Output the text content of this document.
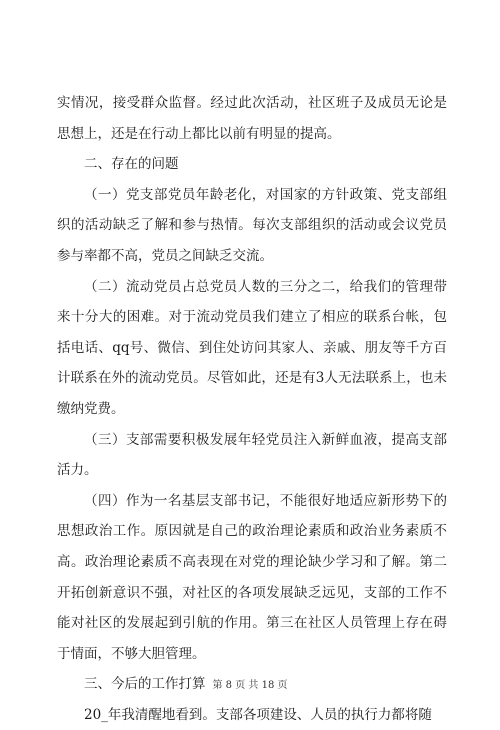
实情况，接受群众监督。经过此次活动，社区班子及成员无论是思想上，还是在行动上都比以前有明显的提高。

二、存在的问题

（一）党支部党员年龄老化，对国家的方针政策、党支部组织的活动缺乏了解和参与热情。每次支部组织的活动或会议党员参与率都不高，党员之间缺乏交流。

（二）流动党员占总党员人数的三分之二，给我们的管理带来十分大的困难。对于流动党员我们建立了相应的联系台帐，包括电话、qq号、微信、到住处访问其家人、亲戚、朋友等千方百计联系在外的流动党员。尽管如此，还是有3人无法联系上，也未缴纳党费。

（三）支部需要积极发展年轻党员注入新鲜血液，提高支部活力。

（四）作为一名基层支部书记，不能很好地适应新形势下的思想政治工作。原因就是自己的政治理论素质和政治业务素质不高。政治理论素质不高表现在对党的理论缺少学习和了解。第二开拓创新意识不强，对社区的各项发展缺乏远见，支部的工作不能对社区的发展起到引航的作用。第三在社区人员管理上存在碍于情面，不够大胆管理。

三、今后的工作打算

20_年我清醒地看到。支部各项建设、人员的执行力都将随

第 8 页 共 18 页
